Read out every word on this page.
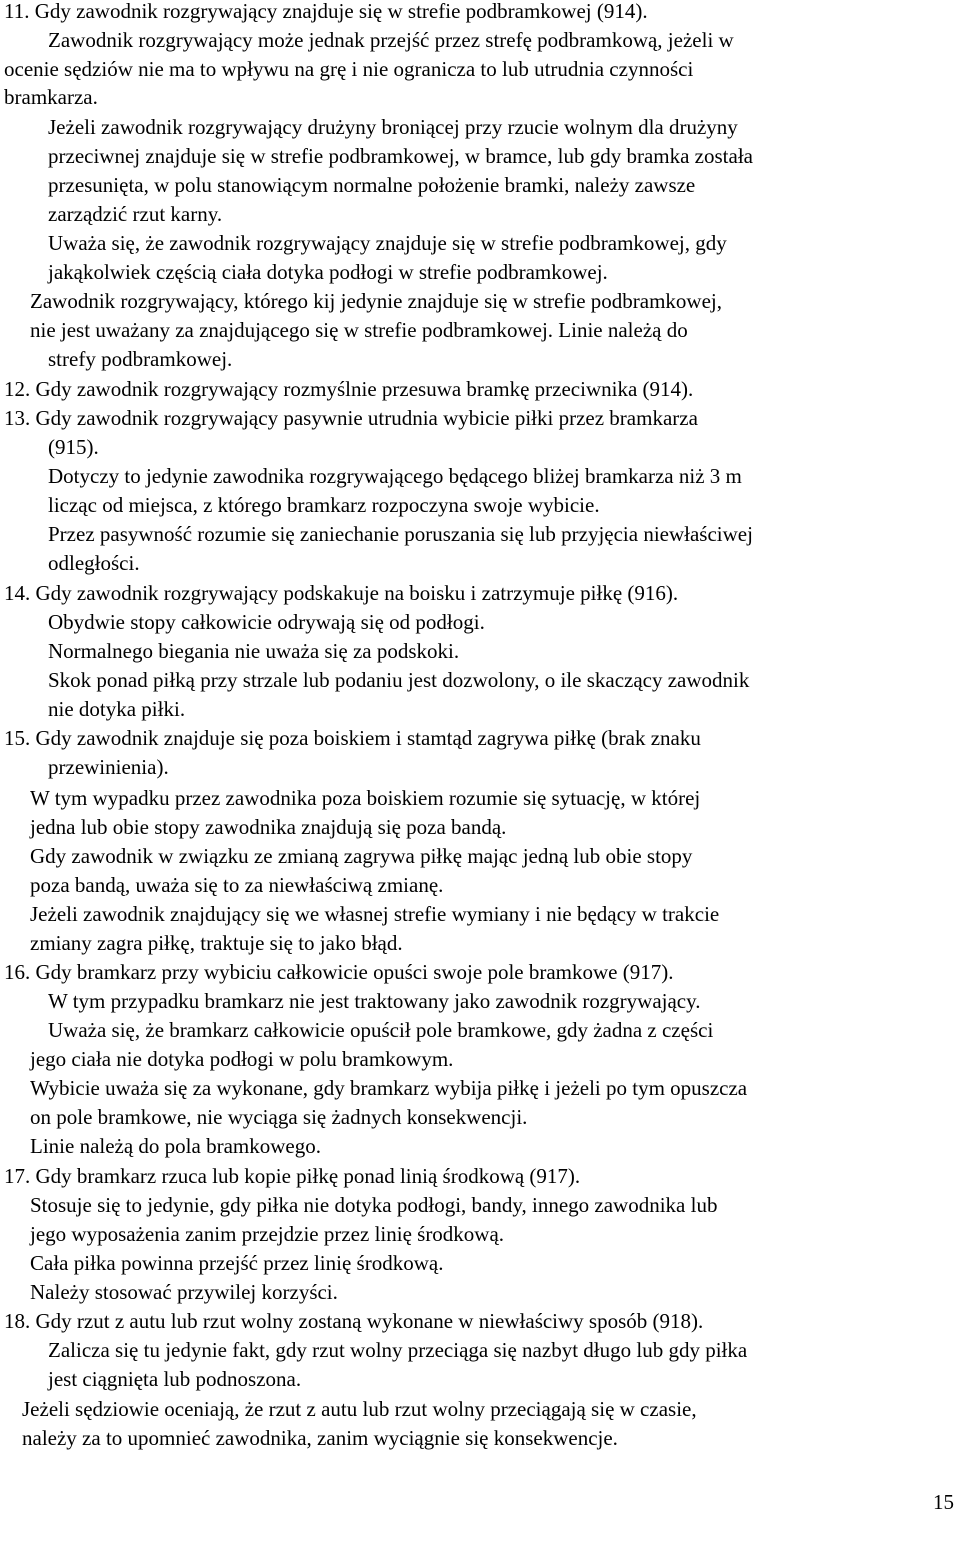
11. Gdy zawodnik rozgrywający znajduje się w strefie podbramkowej (914).
Zawodnik rozgrywający może jednak przejść przez strefę podbramkową, jeżeli w
ocenie sędziów nie ma to wpływu na grę i nie ogranicza to lub utrudnia czynności
bramkarza.
Jeżeli zawodnik rozgrywający drużyny broniącej przy rzucie wolnym dla drużyny
przeciwnej znajduje się w strefie podbramkowej, w bramce, lub gdy bramka została
przesunięta, w polu stanowiącym normalne położenie bramki, należy zawsze
zarządzić rzut karny.
Uważa się, że zawodnik rozgrywający znajduje się w strefie podbramkowej, gdy
jakąkolwiek częścią ciała dotyka podłogi w strefie podbramkowej.
Zawodnik rozgrywający, którego kij jedynie znajduje się w strefie podbramkowej,
nie jest uważany za znajdującego się w strefie podbramkowej. Linie należą do
strefy podbramkowej.
12. Gdy zawodnik rozgrywający rozmyślnie przesuwa bramkę przeciwnika (914).
13. Gdy zawodnik rozgrywający pasywnie utrudnia wybicie piłki przez bramkarza
(915).
Dotyczy to jedynie zawodnika rozgrywającego będącego bliżej bramkarza niż 3 m
licząc od miejsca, z którego bramkarz rozpoczyna swoje wybicie.
Przez pasywność rozumie się zaniechanie poruszania się lub przyjęcia niewłaściwej
odległości.
14. Gdy zawodnik rozgrywający podskakuje na boisku i zatrzymuje piłkę (916).
Obydwie stopy całkowicie odrywają się od podłogi.
Normalnego biegania nie uważa się za podskoki.
Skok ponad piłką przy strzale lub podaniu jest dozwolony, o ile skaczący zawodnik
nie dotyka piłki.
15. Gdy zawodnik znajduje się poza boiskiem i stamtąd zagrywa piłkę (brak znaku
przewinienia).
W tym wypadku przez zawodnika poza boiskiem rozumie się sytuację, w której
jedna lub obie stopy zawodnika znajdują się poza bandą.
Gdy zawodnik w związku ze zmianą zagrywa piłkę mając jedną lub obie stopy
poza bandą, uważa się to za niewłaściwą zmianę.
Jeżeli zawodnik znajdujący się we własnej strefie wymiany i nie będący w trakcie
zmiany zagra piłkę, traktuje się to jako błąd.
16. Gdy bramkarz przy wybiciu całkowicie opuści swoje pole bramkowe (917).
W tym przypadku bramkarz nie jest traktowany jako zawodnik rozgrywający.
Uważa się, że bramkarz całkowicie opuścił pole bramkowe, gdy żadna z części
jego ciała nie dotyka podłogi w polu bramkowym.
Wybicie uważa się za wykonane, gdy bramkarz wybija piłkę i jeżeli po tym opuszcza
on pole bramkowe, nie wyciąga się żadnych konsekwencji.
Linie należą do pola bramkowego.
17. Gdy bramkarz rzuca lub kopie piłkę ponad linią środkową (917).
Stosuje się to jedynie, gdy piłka nie dotyka podłogi, bandy, innego zawodnika lub
jego wyposażenia zanim przejdzie przez linię środkową.
Cała piłka powinna przejść przez linię środkową.
Należy stosować przywilej korzyści.
18. Gdy rzut z autu lub rzut wolny zostaną wykonane w niewłaściwy sposób (918).
Zalicza się tu jedynie fakt, gdy rzut wolny przeciąga się nazbyt długo lub gdy piłka
jest ciągnięta lub podnoszona.
Jeżeli sędziowie oceniają, że rzut z autu lub rzut wolny przeciągają się w czasie,
należy za to upomnieć zawodnika, zanim wyciągnie się konsekwencje.
15
